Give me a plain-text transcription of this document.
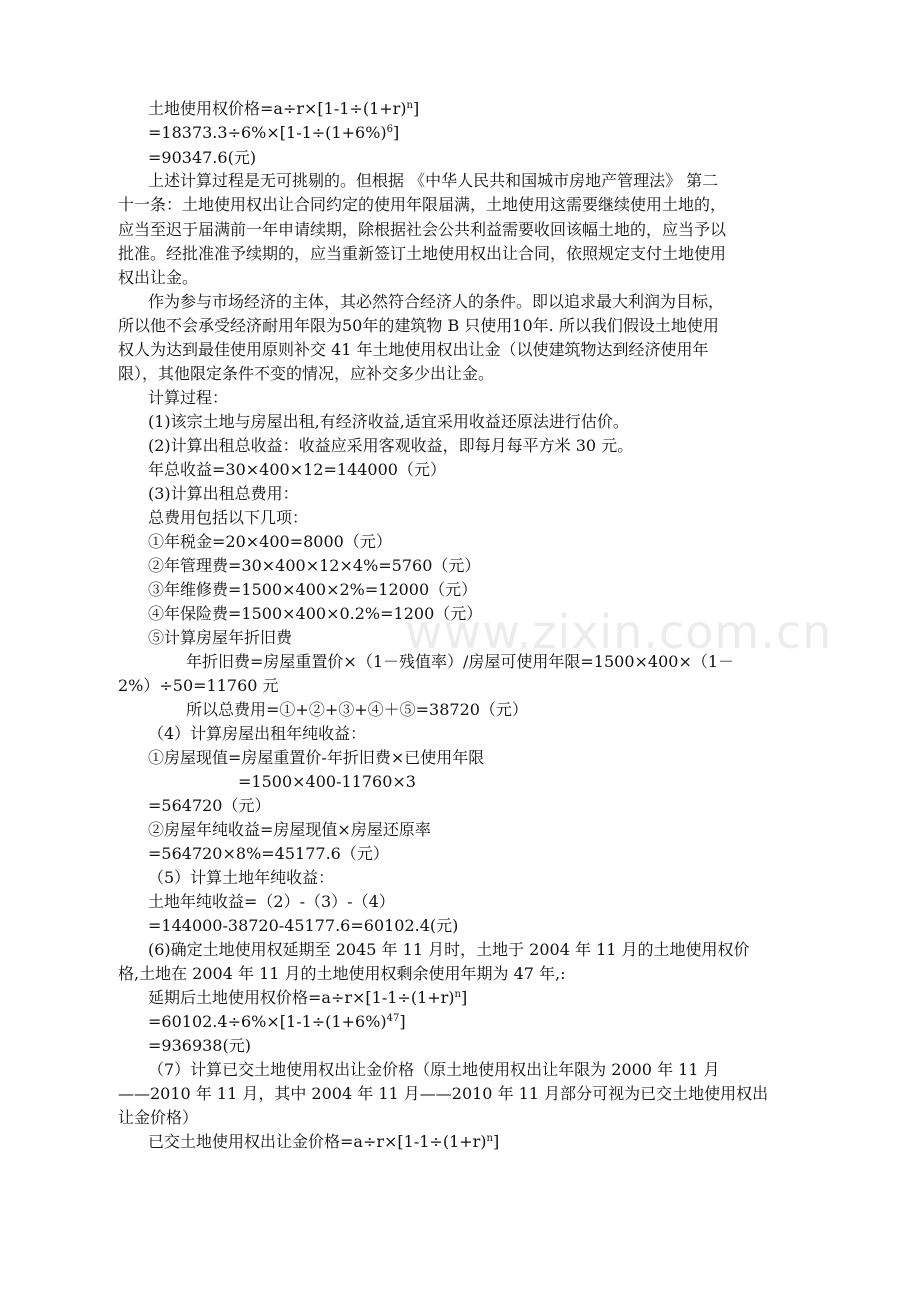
www.zixin.com.cn
土地使用权价格$=a\div r\times[1-1\div(1+r)^n]$
$=18373.3\div 6\%\times[1-1\div(1+6\%)^6]$
=90347.6(元)
上述计算过程是无可挑剔的。但根据 《中华人民共和国城市房地产管理法》 第二
十一条：土地使用权出让合同约定的使用年限届满，土地使用这需要继续使用土地的，
应当至迟于届满前一年申请续期，除根据社会公共利益需要收回该幅土地的，应当予以
批准。经批准准予续期的，应当重新签订土地使用权出让合同，依照规定支付土地使用
权出让金。
作为参与市场经济的主体，其必然符合经济人的条件。即以追求最大利润为目标，
所以他不会承受经济耐用年限为50年的建筑物 B 只使用10年. 所以我们假设土地使用
权人为达到最佳使用原则补交 41 年土地使用权出让金（以使建筑物达到经济使用年
限），其他限定条件不变的情况，应补交多少出让金。
计算过程：
(1)该宗土地与房屋出租,有经济收益,适宜采用收益还原法进行估价。
(2)计算出租总收益：收益应采用客观收益，即每月每平方米 30 元。
年总收益=30×400×12=144000（元）
(3)计算出租总费用：
总费用包括以下几项：
①年税金=20×400=8000（元）
②年管理费=30×400×12×4%=5760（元）
③年维修费=1500×400×2%=12000（元）
④年保险费=1500×400×0.2%=1200（元）
⑤计算房屋年折旧费
年折旧费=房屋重置价×（1－残值率）/房屋可使用年限=1500×400×（1－
2%）÷50=11760 元
所以总费用=①+②+③+④＋⑤=38720（元）
（4）计算房屋出租年纯收益：
①房屋现值=房屋重置价-年折旧费×已使用年限
=1500×400-11760×3
=564720（元）
②房屋年纯收益=房屋现值×房屋还原率
=564720×8%=45177.6（元）
（5）计算土地年纯收益：
土地年纯收益=（2）-（3）-（4）
=144000-38720-45177.6=60102.4(元)
(6)确定土地使用权延期至 2045 年 11 月时，土地于 2004 年 11 月的土地使用权价
格,土地在 2004 年 11 月的土地使用权剩余使用年期为 47 年,:
延期后土地使用权价格$=a\div r\times[1-1\div(1+r)^n]$
$=60102.4\div 6\%\times[1-1\div(1+6\%)^{47}]$
=936938(元)
（7）计算已交土地使用权出让金价格（原土地使用权出让年限为 2000 年 11 月
——2010 年 11 月，其中 2004 年 11 月——2010 年 11 月部分可视为已交土地使用权出
让金价格）
已交土地使用权出让金价格$=a\div r\times[1-1\div(1+r)^n]$
